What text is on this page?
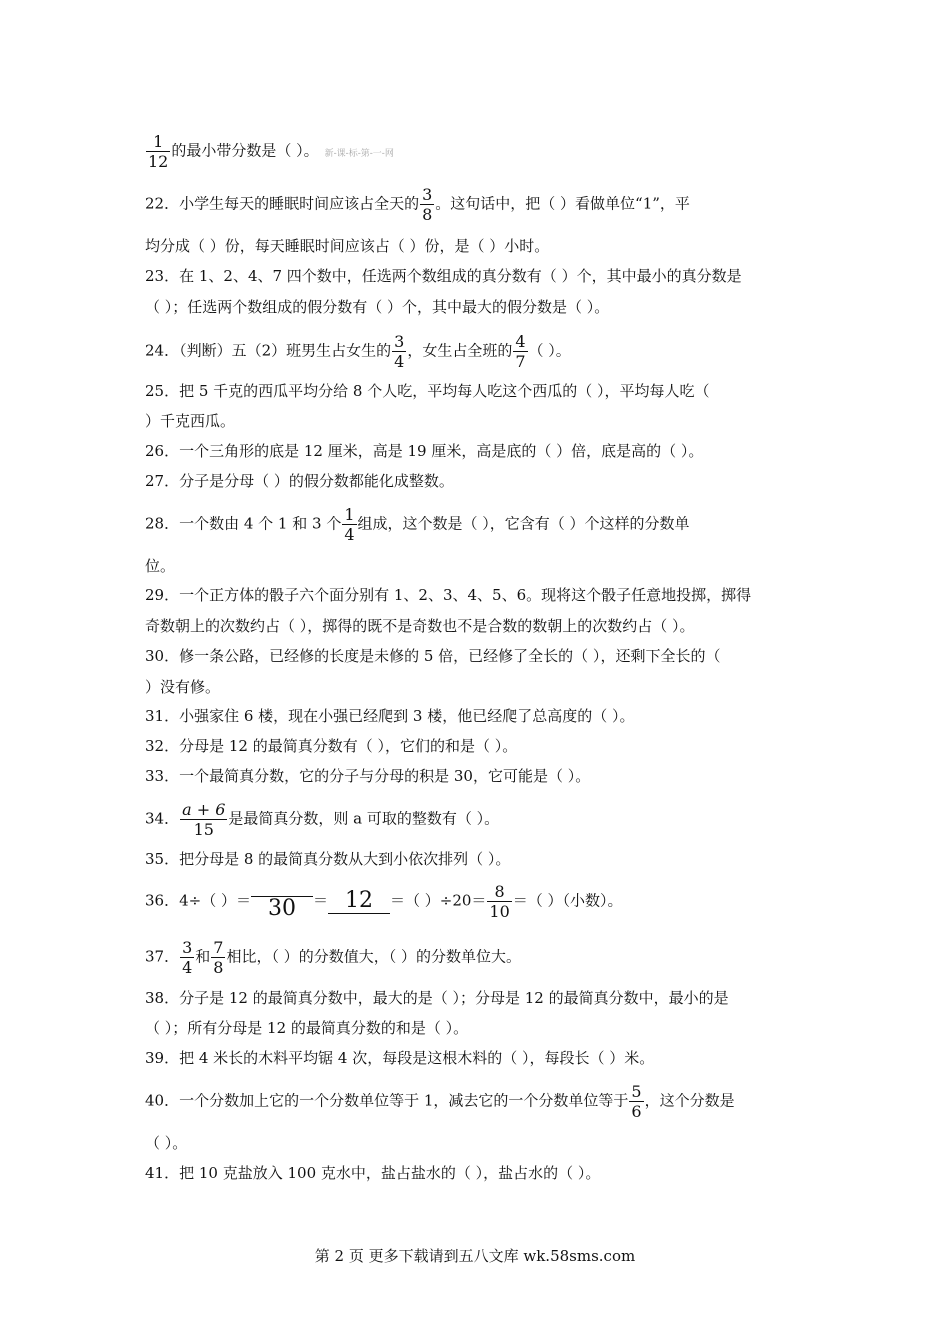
$\frac{1}{12}$ 的最小带分数是（ ）。 新-课-标-第-一-网
22．小学生每天的睡眠时间应该占全天的 $\frac{3}{8}$ 。这句话中，把（ ）看做单位“1”，平
均分成（ ）份，每天睡眠时间应该占（ ）份，是（ ）小时。
23．在 1、2、4、7 四个数中，任选两个数组成的真分数有（ ）个，其中最小的真分数是
（ ）；任选两个数组成的假分数有（ ）个，其中最大的假分数是（ ）。
24．（判断）五（2）班男生占女生的 $\frac{3}{4}$ ，女生占全班的 $\frac{4}{7}$ （ ）。
25．把 5 千克的西瓜平均分给 8 个人吃，平均每人吃这个西瓜的（ ），平均每人吃（
）千克西瓜。
26．一个三角形的底是 12 厘米，高是 19 厘米，高是底的（ ）倍，底是高的（ ）。
27．分子是分母（ ）的假分数都能化成整数。
28．一个数由 4 个 1 和 3 个 $\frac{1}{4}$ 组成，这个数是（ ），它含有（ ）个这样的分数单
位。
29．一个正方体的骰子六个面分别有 1、2、3、4、5、6。现将这个骰子任意地投掷，掷得
奇数朝上的次数约占（ ），掷得的既不是奇数也不是合数的数朝上的次数约占（ ）。
30．修一条公路，已经修的长度是未修的 5 倍，已经修了全长的（ ），还剩下全长的（
）没有修。
31．小强家住 6 楼，现在小强已经爬到 3 楼，他已经爬了总高度的（ ）。
32．分母是 12 的最简真分数有（ ），它们的和是（ ）。
33．一个最简真分数，它的分子与分母的积是 30，它可能是（ ）。
34． $\frac{a + 6}{15}$ 是最简真分数，则 a 可取的整数有（ ）。
35．把分母是 8 的最简真分数从大到小依次排列（ ）。
36．4÷（ ）＝ 30 ＝ 12	＝（ ）$\div 20= \frac{8}{10}$ ＝（ ）（小数）。
37． $\frac{3}{4}$ 和 $\frac{7}{8}$ 相比，（ ）的分数值大，（ ）的分数单位大。
38．分子是 12 的最简真分数中，最大的是（ ）；分母是 12 的最简真分数中，最小的是
（ ）；所有分母是 12 的最简真分数的和是（ ）。
39．把 4 米长的木料平均锯 4 次，每段是这根木料的（ ），每段长（ ）米。
40．一个分数加上它的一个分数单位等于 1，减去它的一个分数单位等于 $\frac{5}{6}$ ，这个分数是
（ ）。
41．把 10 克盐放入 100 克水中，盐占盐水的（ ），盐占水的（ ）。
第 2 页 更多下载请到五八文库 wk.58sms.com
